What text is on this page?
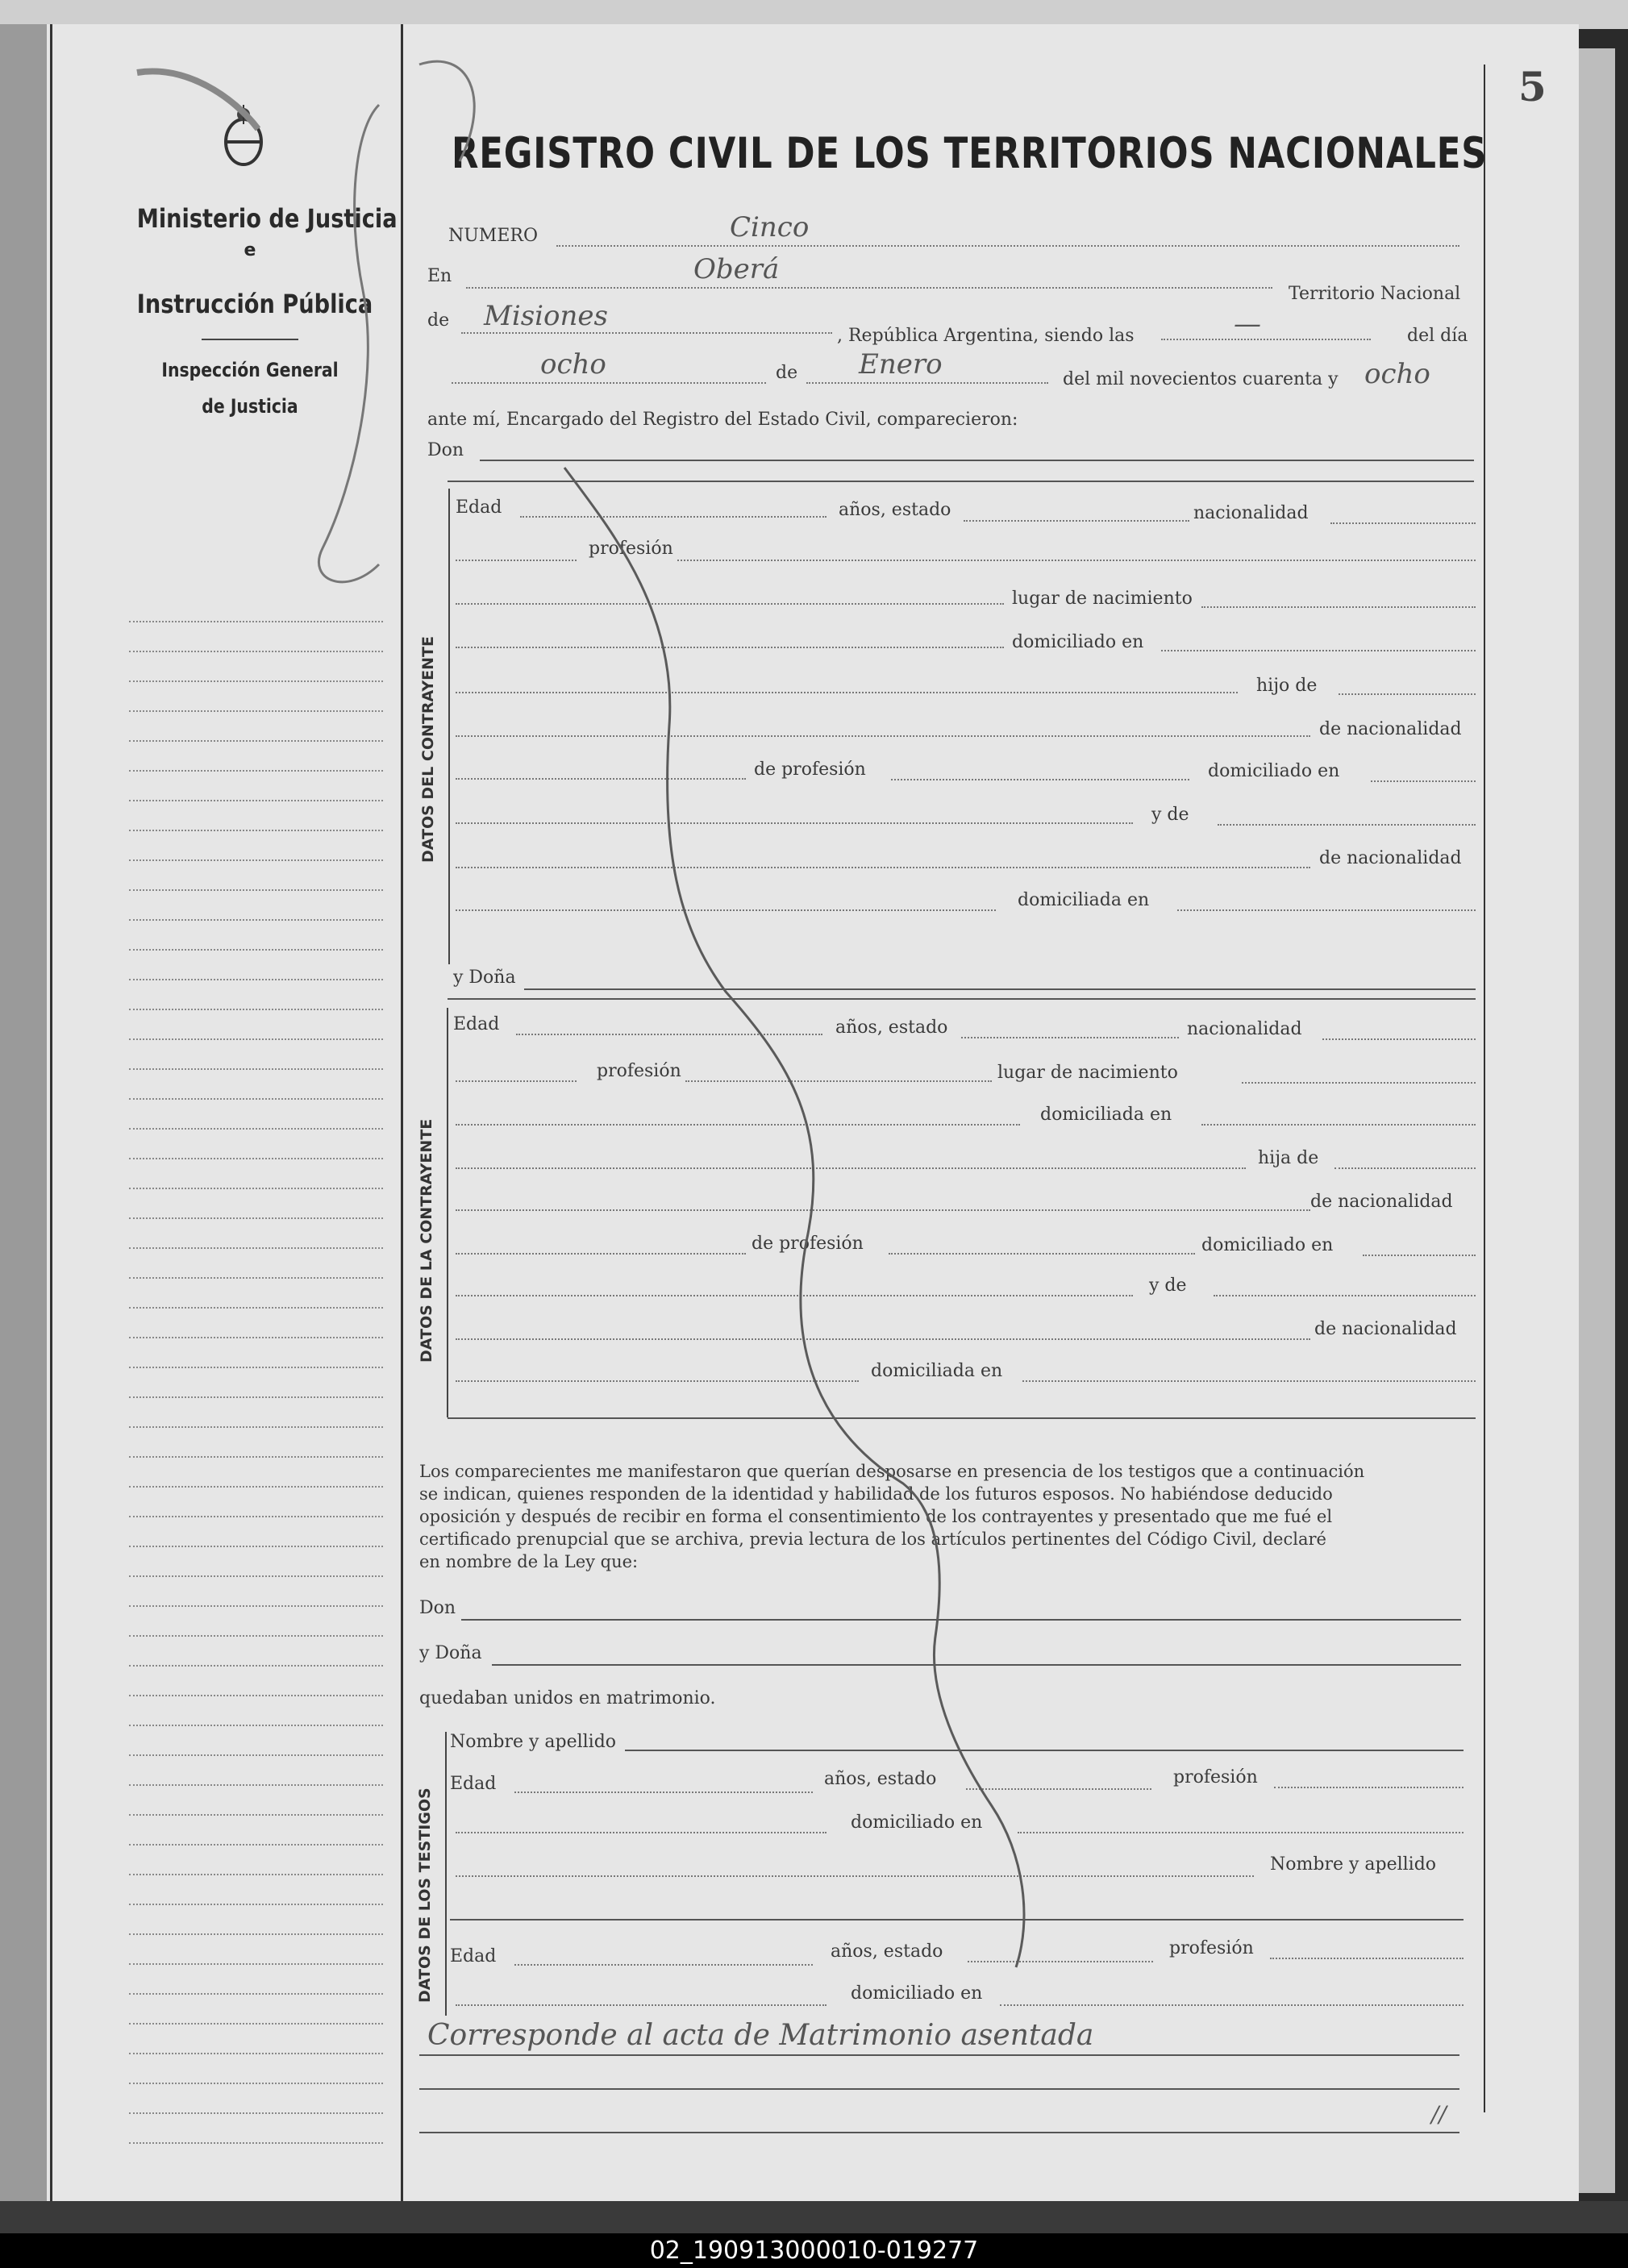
02_190913000010-019277
5
Ministerio de Justicia
e
Instrucción Pública
Inspección General
de Justicia
REGISTRO CIVIL DE LOS TERRITORIOS NACIONALES
NUMERO	Cinco
En	Oberá
Territorio Nacional
de Misiones
, República Argentina, siendo las	—	del día
ocho	de Enero	del mil novecientos cuarenta y ocho
ante mí, Encargado del Registro del Estado Civil, comparecieron:
Don
DATOS DEL CONTRAYENTE
Edad	años, estado	nacionalidad
profesión
lugar de nacimiento
domiciliado en
hijo de
de nacionalidad
de profesión	domiciliado en
y de
de nacionalidad
domiciliada en
y Doña
DATOS DE LA CONTRAYENTE
Edad	años, estado	nacionalidad
profesión	lugar de nacimiento
domiciliada en
hija de
de nacionalidad
de profesión	domiciliado en
y de
de nacionalidad
domiciliada en
Los comparecientes me manifestaron que querían desposarse en presencia de los testigos que a continuación
se indican, quienes responden de la identidad y habilidad de los futuros esposos. No habiéndose deducido
oposición y después de recibir en forma el consentimiento de los contrayentes y presentado que me fué el
certificado prenupcial que se archiva, previa lectura de los artículos pertinentes del Código Civil, declaré
en nombre de la Ley que:
Don
y Doña
quedaban unidos en matrimonio.
DATOS DE LOS TESTIGOS
Nombre y apellido
Edad	años, estado	profesión
domiciliado en
Nombre y apellido
Edad	años, estado	profesión
domiciliado en
Corresponde al acta de Matrimonio asentada
//
